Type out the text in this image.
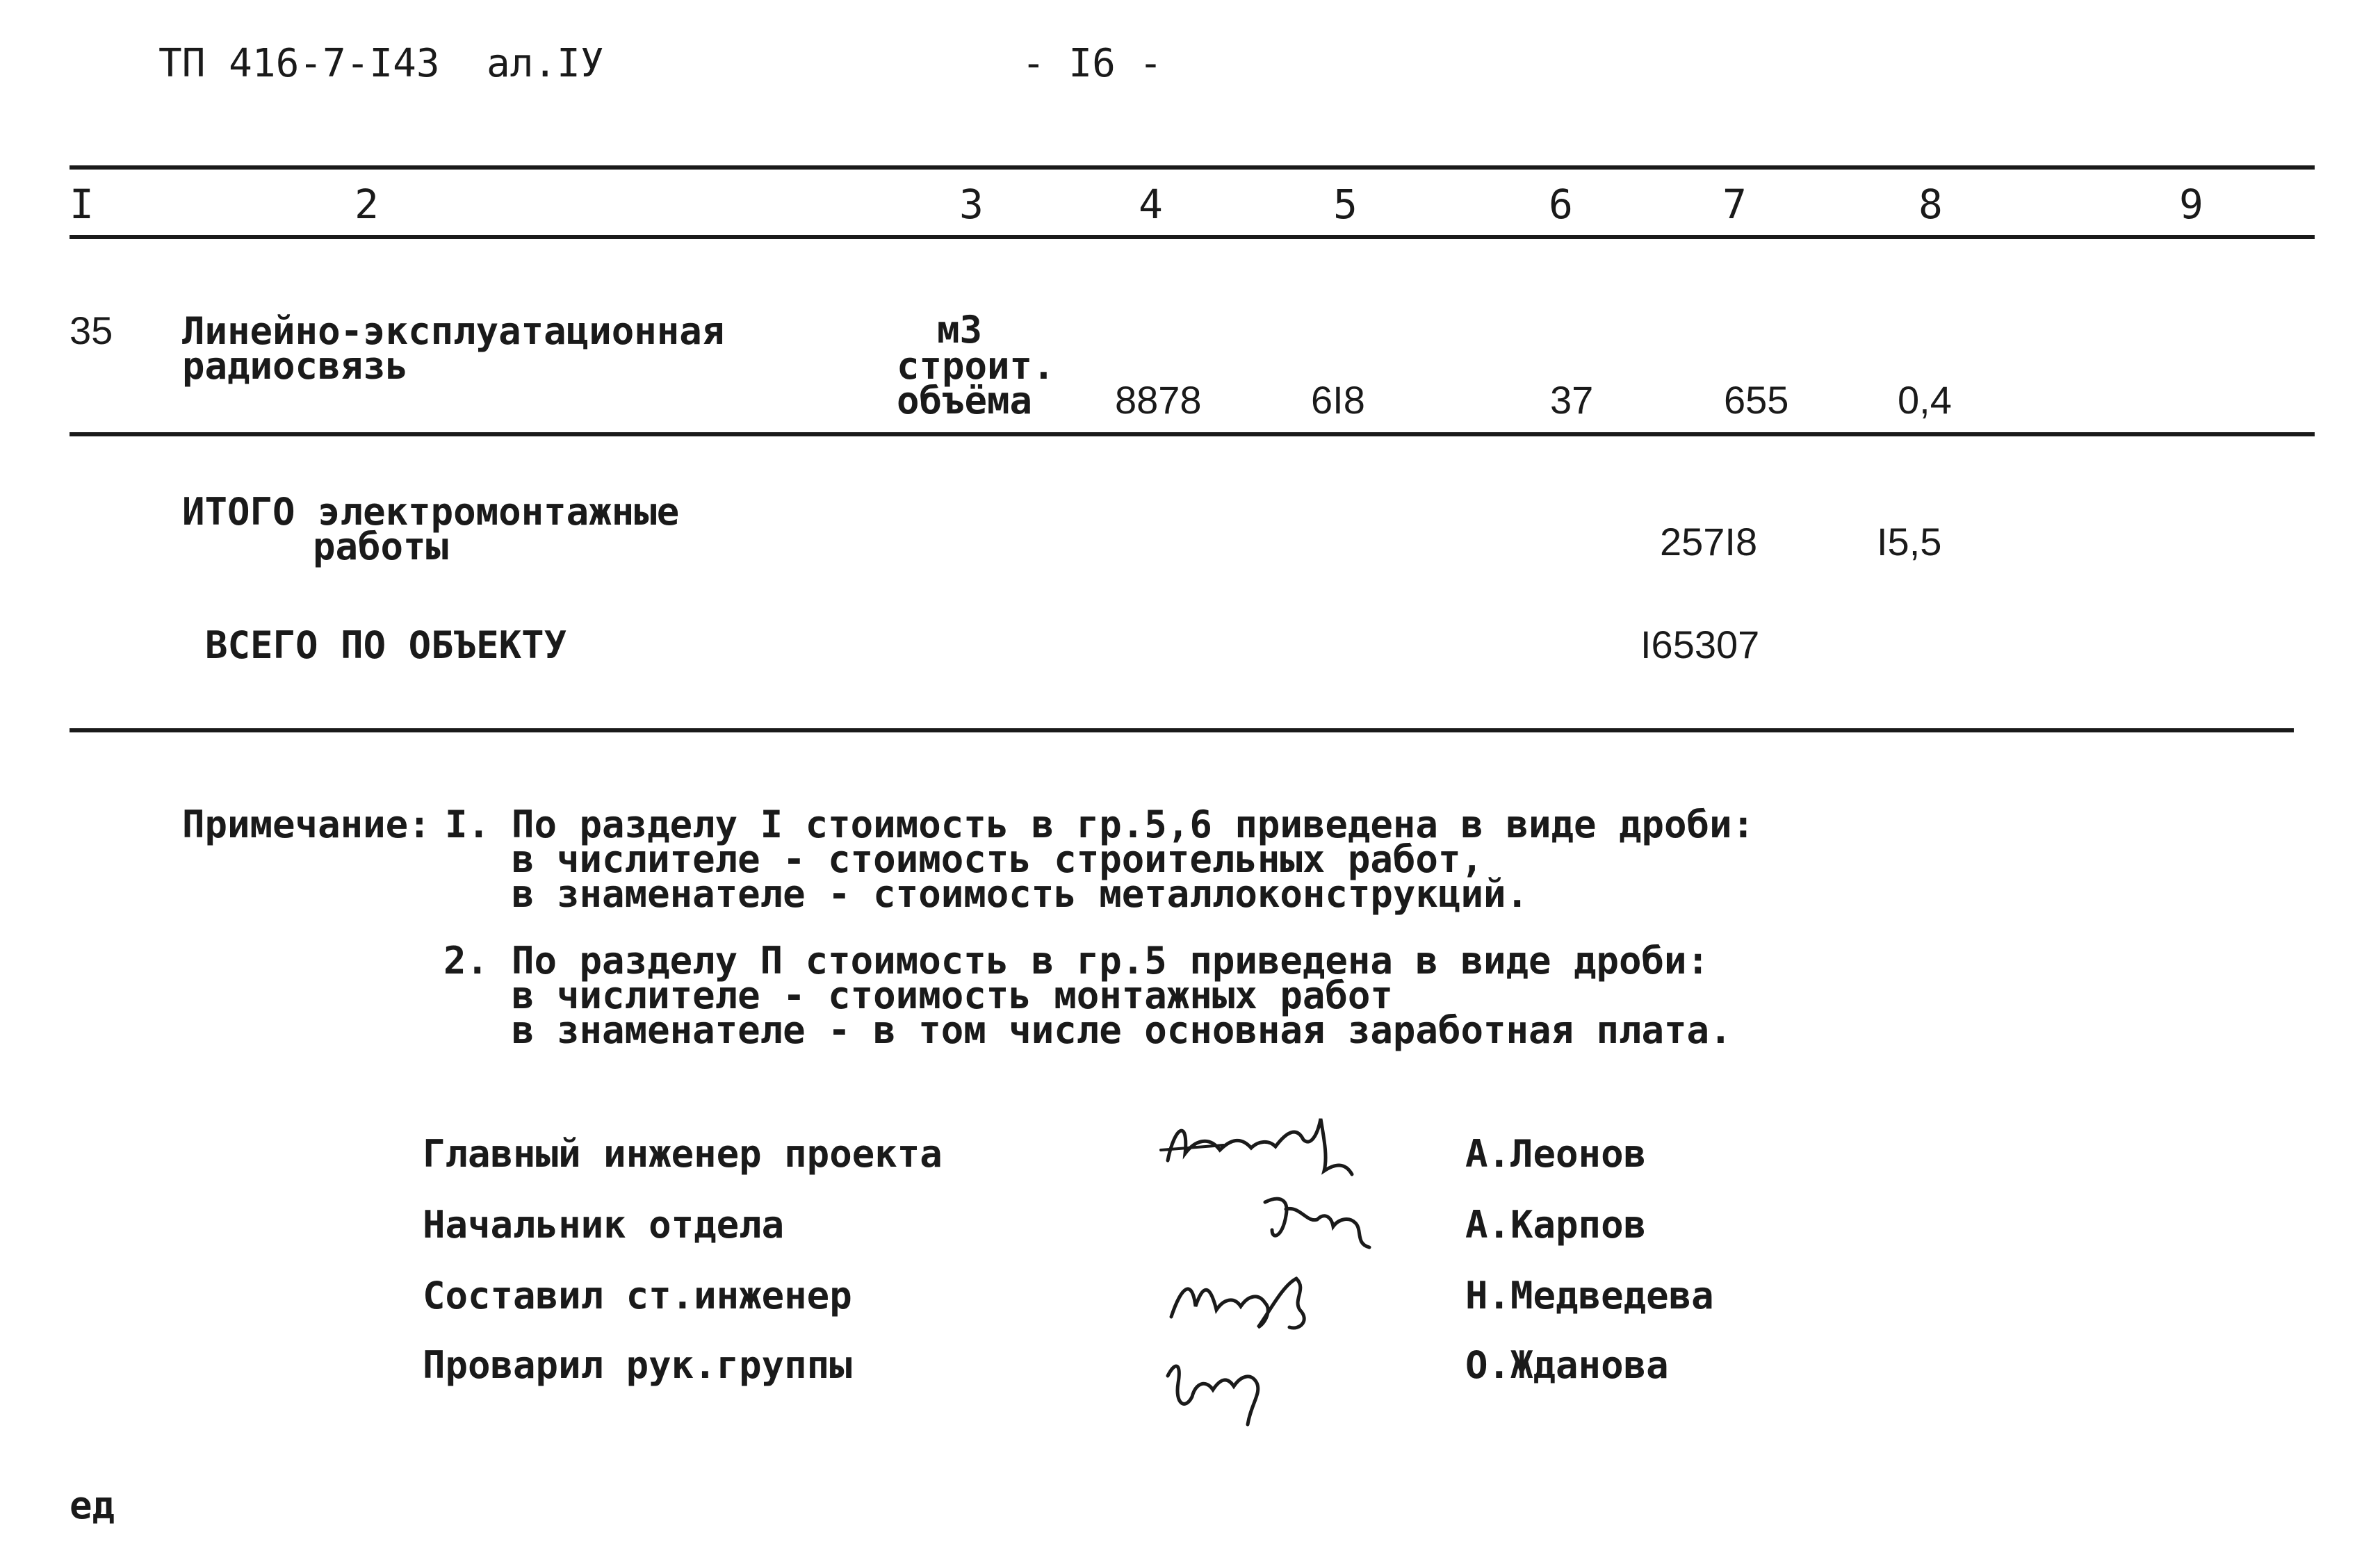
ТП 416-7-І43 ал.ІУ	- І6 -
І	2	3	4	5	6	7	8	9
35 Линейно-эксплуатационная
радиосвязь
м3
строит.
объёма 8878	6І8	37	655	0,4
ИТОГО электромонтажные
работы	257І8	І5,5
ВСЕГО ПО ОБЪЕКТУ	І65307
Примечание: І. По разделу І стоимость в гр.5,6 приведена в виде дроби:
в числителе - стоимость строительных работ,
в знаменателе - стоимость металлоконструкций.
2. По разделу П стоимость в гр.5 приведена в виде дроби:
в числителе - стоимость монтажных работ
в знаменателе - в том числе основная заработная плата.
Главный инженер проекта	А.Леонов
Начальник отдела	А.Карпов
Составил ст.инженер	Н.Медведева
Проварил рук.группы	О.Жданова
ед
